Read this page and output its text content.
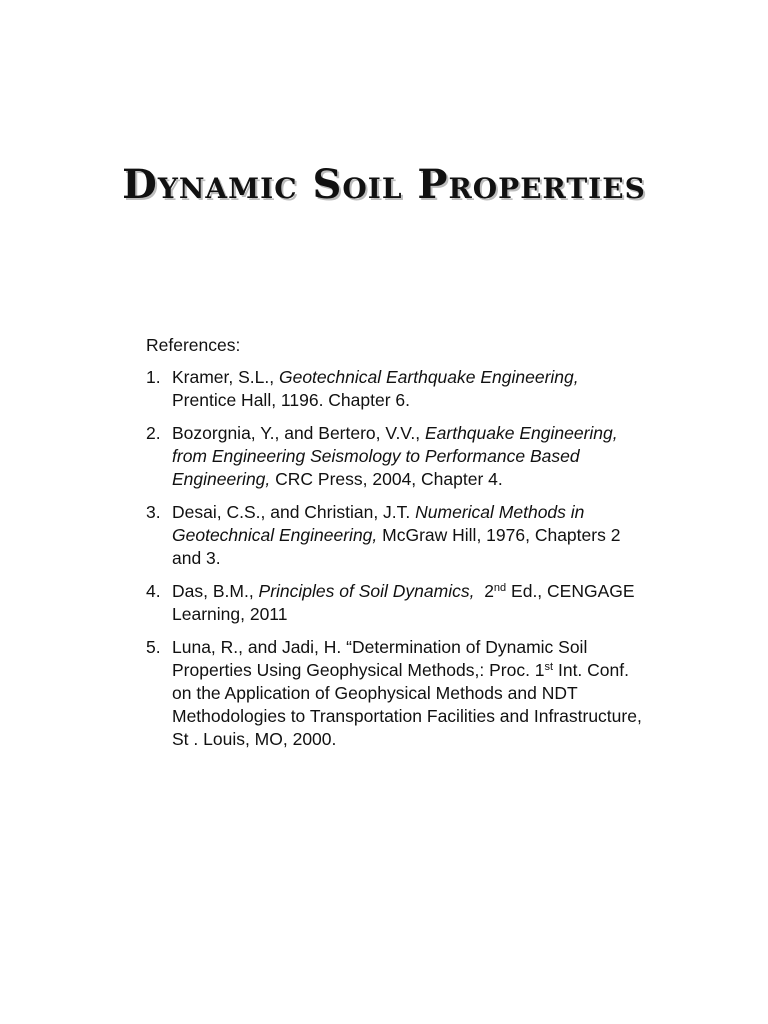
Dynamic Soil Properties
References:
1. Kramer, S.L., Geotechnical Earthquake Engineering, Prentice Hall, 1196. Chapter 6.
2. Bozorgnia, Y., and Bertero, V.V., Earthquake Engineering, from Engineering Seismology to Performance Based Engineering, CRC Press, 2004, Chapter 4.
3. Desai, C.S., and Christian, J.T. Numerical Methods in Geotechnical Engineering, McGraw Hill, 1976, Chapters 2 and 3.
4. Das, B.M., Principles of Soil Dynamics, 2nd Ed., CENGAGE Learning, 2011
5. Luna, R., and Jadi, H. “Determination of Dynamic Soil Properties Using Geophysical Methods,: Proc. 1st Int. Conf. on the Application of Geophysical Methods and NDT Methodologies to Transportation Facilities and Infrastructure, St . Louis, MO, 2000.
